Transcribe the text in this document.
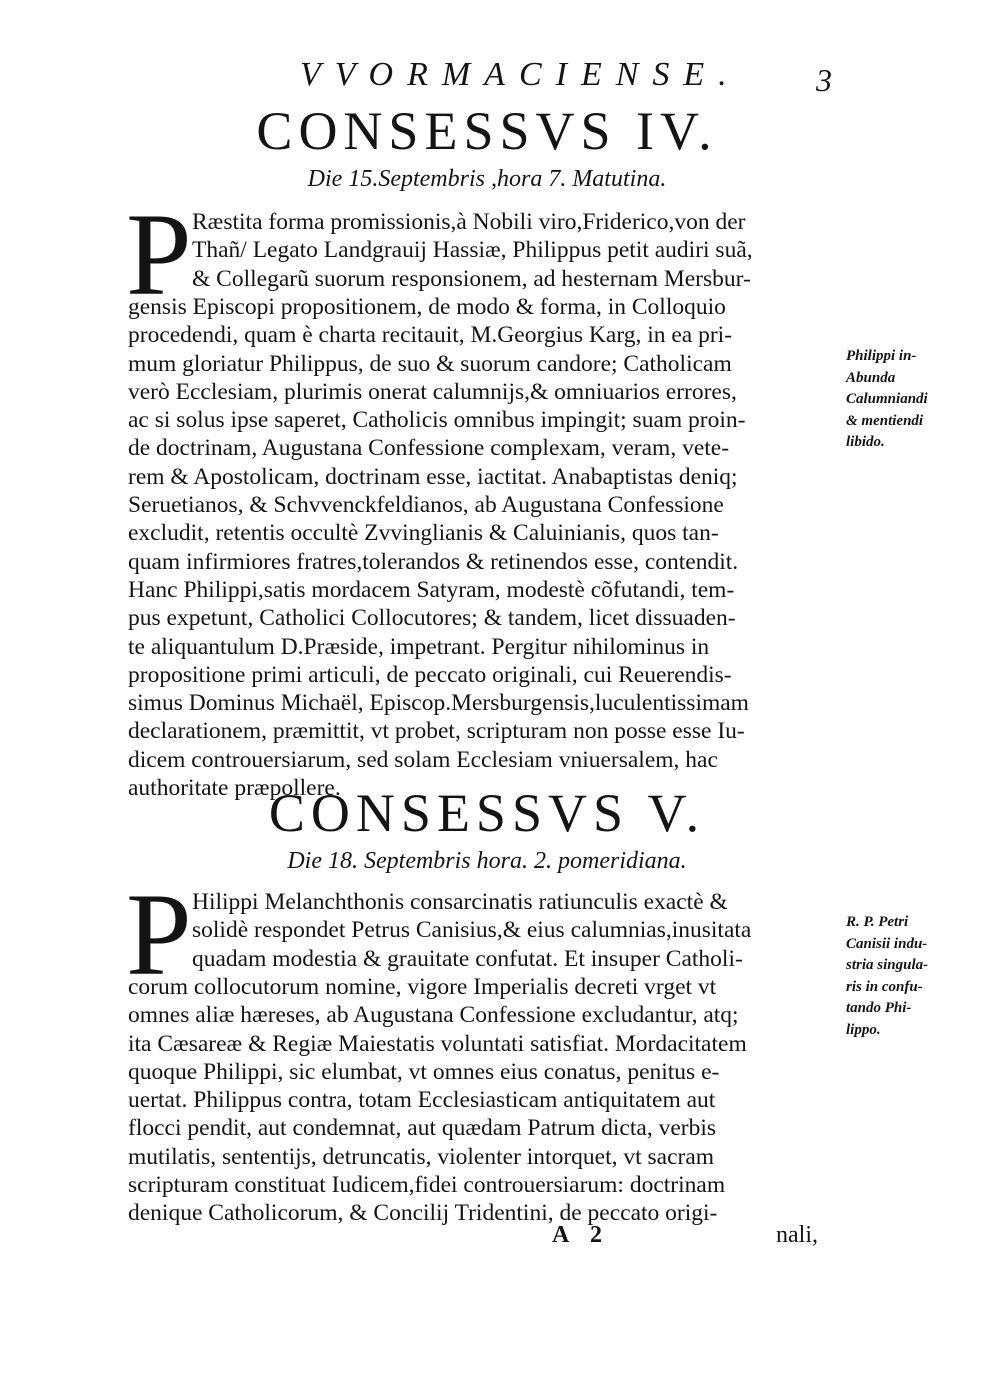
VVORMACIENSE. 3
CONSESSVS IV.
Die 15.Septembris ,hora 7. Matutina.
P Ræstita forma promissionis,à Nobili viro,Friderico,von der
Thañ/ Legato Landgrauij Hassiæ, Philippus petit audiri suã,
& Collegarũ suorum responsionem, ad hesternam Mersbur-
gensis Episcopi propositionem, de modo & forma, in Colloquio
procedendi, quam è charta recitauit, M.Georgius Karg, in ea pri-
mum gloriatur Philippus, de suo & suorum candore; Catholicam
verò Ecclesiam, plurimis onerat calumnijs,& omniuarios errores,
ac si solus ipse saperet, Catholicis omnibus impingit; suam proin-
de doctrinam, Augustana Confessione complexam, veram, vete-
rem & Apostolicam, doctrinam esse, iactitat. Anabaptistas deniq;
Seruetianos, & Schvvenckfeldianos, ab Augustana Confessione
excludit, retentis occultè Zvvinglianis & Caluinianis, quos tan-
quam infirmiores fratres,tolerandos & retinendos esse, contendit.
Hanc Philippi,satis mordacem Satyram, modestè cõfutandi, tem-
pus expetunt, Catholici Collocutores; & tandem, licet dissuaden-
te aliquantulum D.Præside, impetrant. Pergitur nihilominus in
propositione primi articuli, de peccato originali, cui Reuerendis-
simus Dominus Michaël, Episcop.Mersburgensis,luculentissimam
declarationem, præmittit, vt probet, scripturam non posse esse Iu-
dicem controuersiarum, sed solam Ecclesiam vniuersalem, hac
authoritate præpollere.
Philippi in-
Abunda
Calumniandi
& mentiendi
libido.
CONSESSVS V.
Die 18. Septembris hora. 2. pomeridiana.
P Hilippi Melanchthonis consarcinatis ratiunculis exactè &
solidè respondet Petrus Canisius,& eius calumnias,inusitata
quadam modestia & grauitate confutat. Et insuper Catholi-
corum collocutorum nomine, vigore Imperialis decreti vrget vt
omnes aliæ hæreses, ab Augustana Confessione excludantur, atq;
ita Cæsareæ & Regiæ Maiestatis voluntati satisfiat. Mordacitatem
quoque Philippi, sic elumbat, vt omnes eius conatus, penitus e-
uertat. Philippus contra, totam Ecclesiasticam antiquitatem aut
flocci pendit, aut condemnat, aut quædam Patrum dicta, verbis
mutilatis, sententijs, detruncatis, violenter intorquet, vt sacram
scripturam constituat Iudicem,fidei controuersiarum: doctrinam
denique Catholicorum, & Concilij Tridentini, de peccato origi-
R. P. Petri
Canisii indu-
stria singula-
ris in confu-
tando Phi-
lippo.
A 2	nali,
